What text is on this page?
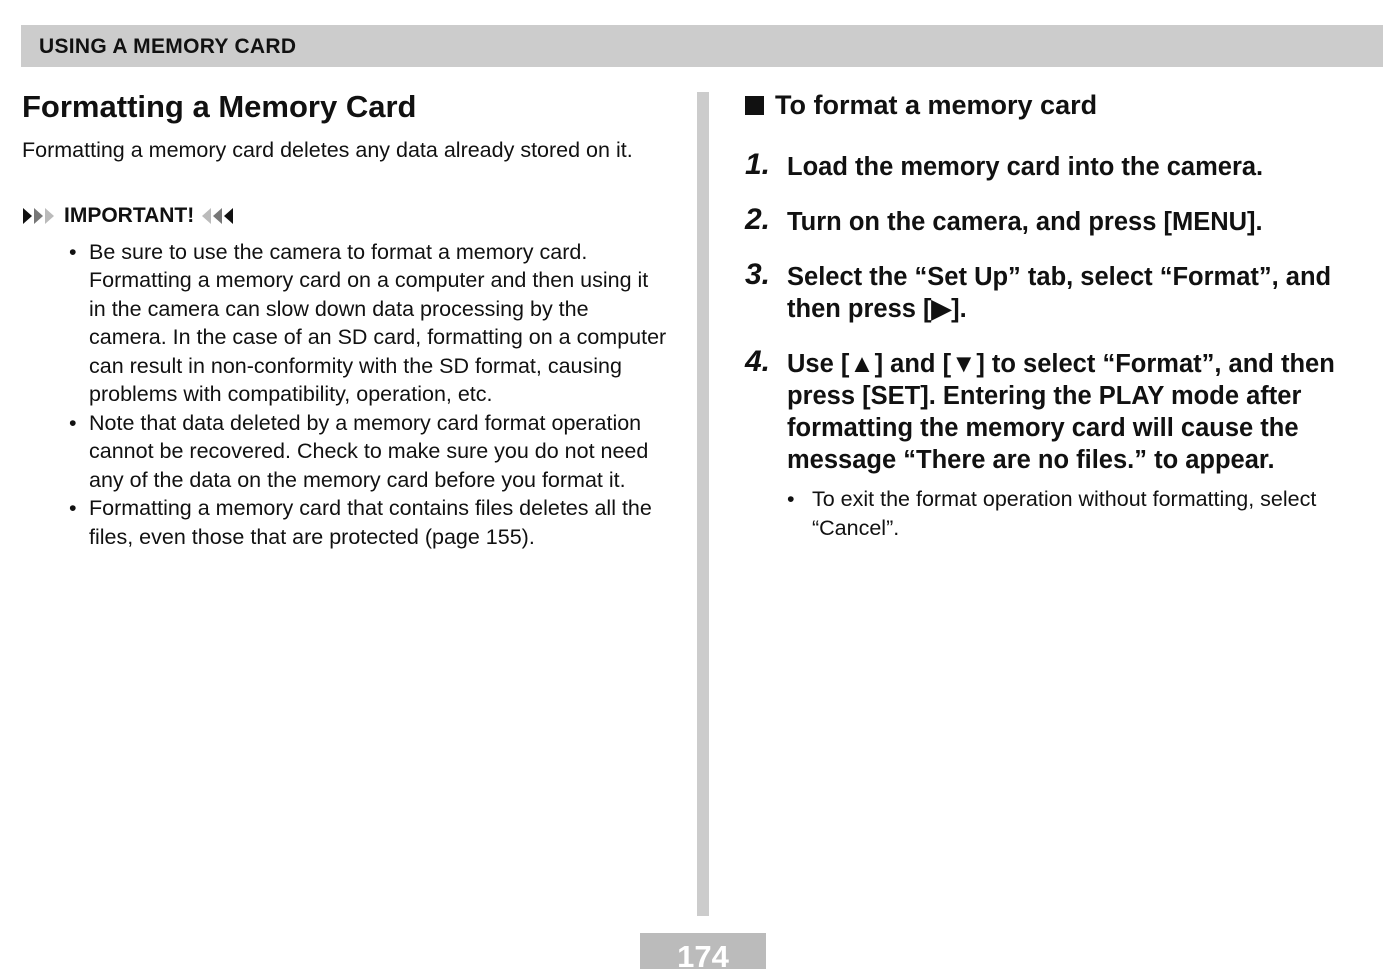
USING A MEMORY CARD
Formatting a Memory Card

Formatting a memory card deletes any data already stored on it.

IMPORTANT!
• Be sure to use the camera to format a memory card. Formatting a memory card on a computer and then using it in the camera can slow down data processing by the camera. In the case of an SD card, formatting on a computer can result in non-conformity with the SD format, causing problems with compatibility, operation, etc.
• Note that data deleted by a memory card format operation cannot be recovered. Check to make sure you do not need any of the data on the memory card before you format it.
• Formatting a memory card that contains files deletes all the files, even those that are protected (page 155).
To format a memory card
1. Load the memory card into the camera.
2. Turn on the camera, and press [MENU].
3. Select the “Set Up” tab, select “Format”, and then press [▶].
4. Use [▲] and [▼] to select “Format”, and then press [SET]. Entering the PLAY mode after formatting the memory card will cause the message “There are no files.” to appear.
• To exit the format operation without formatting, select “Cancel”.
174
